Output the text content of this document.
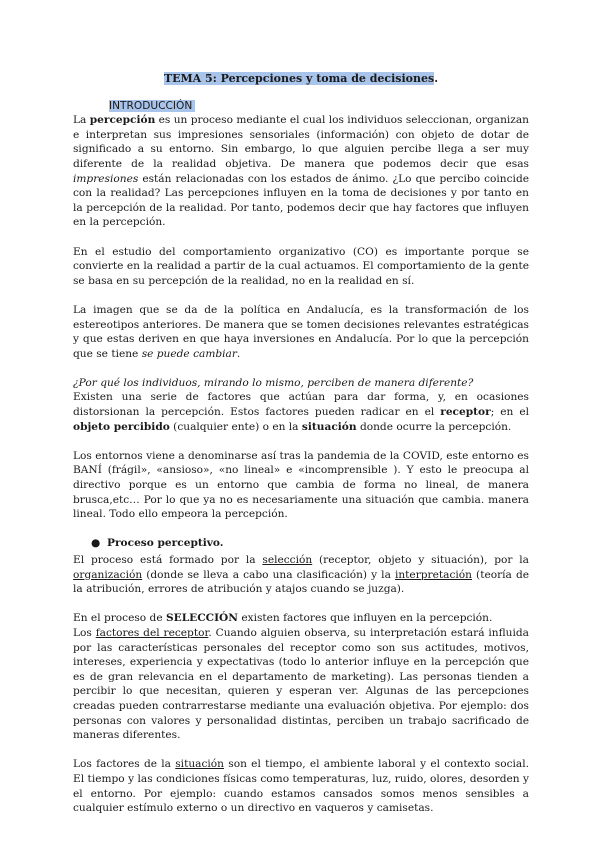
TEMA 5: Percepciones y toma de decisiones.
INTRODUCCIÓN

La percepción es un proceso mediante el cual los individuos seleccionan, organizan e interpretan sus impresiones sensoriales (información) con objeto de dotar de significado a su entorno. Sin embargo, lo que alguien percibe llega a ser muy diferente de la realidad objetiva. De manera que podemos decir que esas impresiones están relacionadas con los estados de ánimo. ¿Lo que percibo coincide con la realidad? Las percepciones influyen en la toma de decisiones y por tanto en la percepción de la realidad. Por tanto, podemos decir que hay factores que influyen en la percepción.

En el estudio del comportamiento organizativo (CO) es importante porque se convierte en la realidad a partir de la cual actuamos. El comportamiento de la gente se basa en su percepción de la realidad, no en la realidad en sí.

La imagen que se da de la política en Andalucía, es la transformación de los estereotipos anteriores. De manera que se tomen decisiones relevantes estratégicas y que estas deriven en que haya inversiones en Andalucía. Por lo que la percepción que se tiene se puede cambiar.

¿Por qué los individuos, mirando lo mismo, perciben de manera diferente?

Existen una serie de factores que actúan para dar forma, y, en ocasiones distorsionan la percepción. Estos factores pueden radicar en el receptor; en el objeto percibido (cualquier ente) o en la situación donde ocurre la percepción.

Los entornos viene a denominarse así tras la pandemia de la COVID, este entorno es BANÍ (frágil», «ansioso», «no lineal» e «incomprensible ). Y esto le preocupa al directivo porque es un entorno que cambia de forma no lineal, de manera brusca,etc… Por lo que ya no es necesariamente una situación que cambia. manera lineal. Todo ello empeora la percepción.

● Proceso perceptivo.

El proceso está formado por la selección (receptor, objeto y situación), por la organización (donde se lleva a cabo una clasificación) y la interpretación (teoría de la atribución, errores de atribución y atajos cuando se juzga).

En el proceso de SELECCIÓN existen factores que influyen en la percepción.

Los factores del receptor. Cuando alguien observa, su interpretación estará influida por las características personales del receptor como son sus actitudes, motivos, intereses, experiencia y expectativas (todo lo anterior influye en la percepción que es de gran relevancia en el departamento de marketing). Las personas tienden a percibir lo que necesitan, quieren y esperan ver. Algunas de las percepciones creadas pueden contrarrestarse mediante una evaluación objetiva. Por ejemplo: dos personas con valores y personalidad distintas, perciben un trabajo sacrificado de maneras diferentes.

Los factores de la situación son el tiempo, el ambiente laboral y el contexto social. El tiempo y las condiciones físicas como temperaturas, luz, ruido, olores, desorden y el entorno. Por ejemplo: cuando estamos cansados somos menos sensibles a cualquier estímulo externo o un directivo en vaqueros y camisetas.
